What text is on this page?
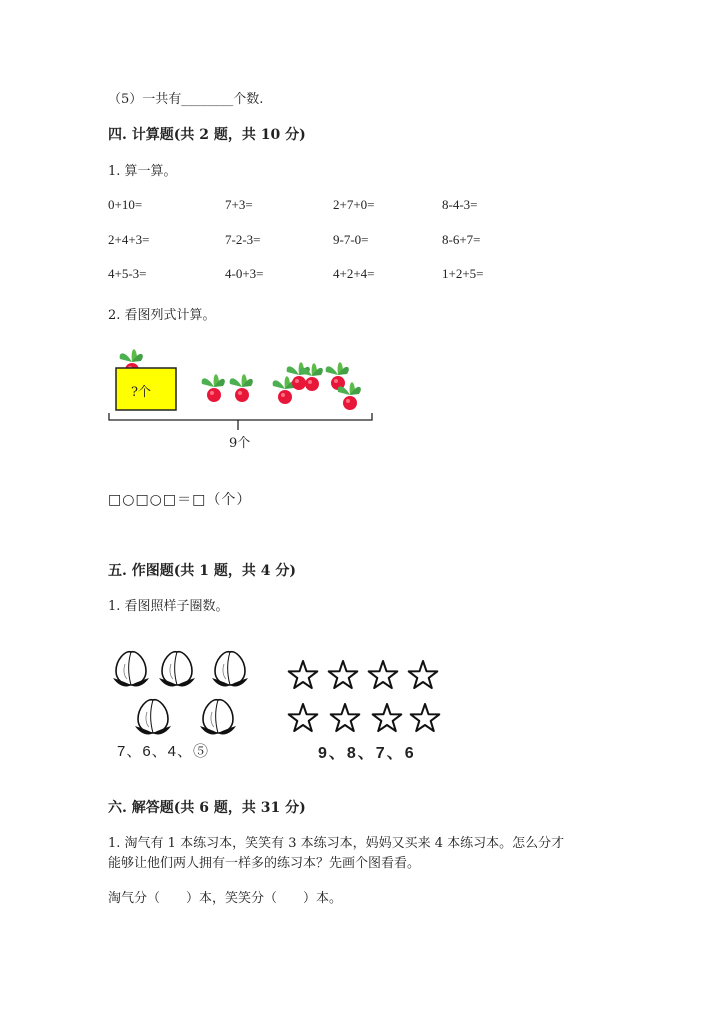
（5）一共有________个数.
四. 计算题(共 2 题，共 10 分)
1. 算一算。
0+10=	7+3=	2+7+0=	8-4-3=
2+4+3=	7-2-3=	9-7-0=	8-6+7=
4+5-3=	4-0+3=	4+2+4=	1+2+5=
2. 看图列式计算。
?个
9个
□○□○□＝□（个）
五. 作图题(共 1 题，共 4 分)
1. 看图照样子圈数。
7、6、4、⑤	9、8、7、6
六. 解答题(共 6 题，共 31 分)
1. 淘气有 1 本练习本，笑笑有 3 本练习本，妈妈又买来 4 本练习本。怎么分才
能够让他们两人拥有一样多的练习本？先画个图看看。
淘气分（　　）本，笑笑分（　　）本。
